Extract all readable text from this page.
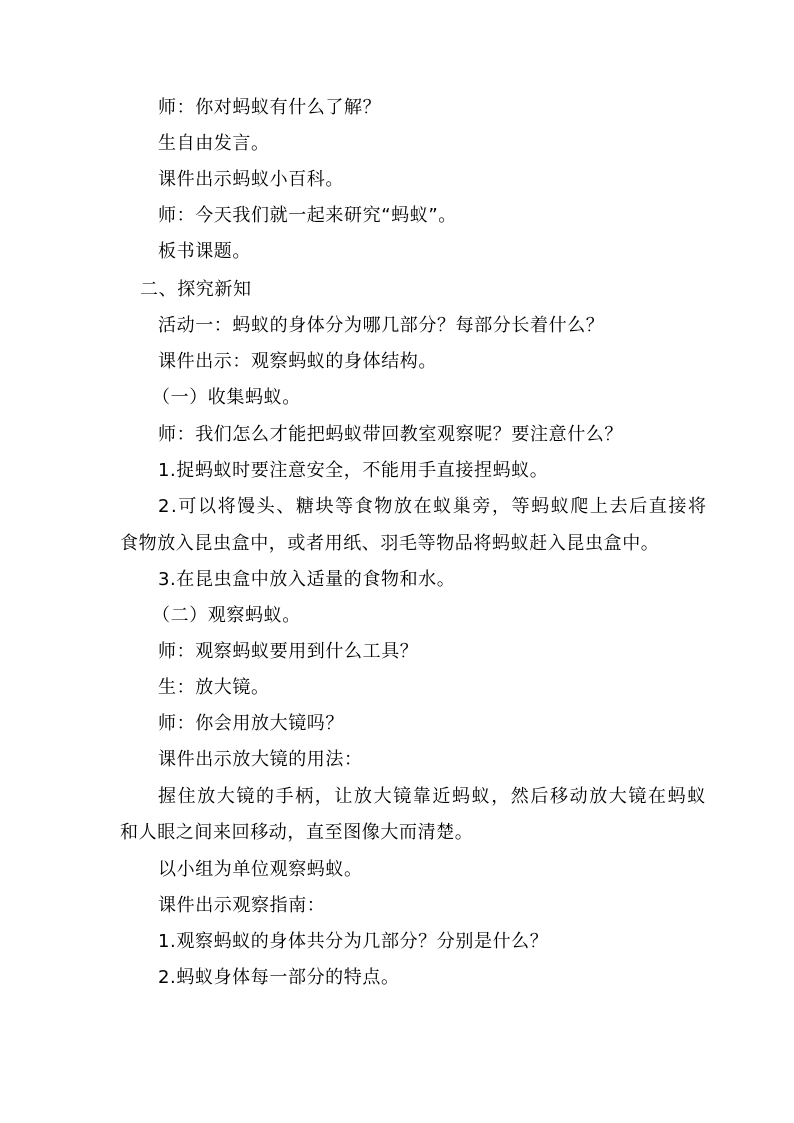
师：你对蚂蚁有什么了解？
生自由发言。
课件出示蚂蚁小百科。
师：今天我们就一起来研究“蚂蚁”。
板书课题。
二、探究新知
活动一：蚂蚁的身体分为哪几部分？每部分长着什么？
课件出示：观察蚂蚁的身体结构。
（一）收集蚂蚁。
师：我们怎么才能把蚂蚁带回教室观察呢？要注意什么？
1.捉蚂蚁时要注意安全，不能用手直接捏蚂蚁。
2.可以将馒头、糖块等食物放在蚁巢旁，等蚂蚁爬上去后直接将
食物放入昆虫盒中，或者用纸、羽毛等物品将蚂蚁赶入昆虫盒中。
3.在昆虫盒中放入适量的食物和水。
（二）观察蚂蚁。
师：观察蚂蚁要用到什么工具？
生：放大镜。
师：你会用放大镜吗？
课件出示放大镜的用法：
握住放大镜的手柄，让放大镜靠近蚂蚁，然后移动放大镜在蚂蚁
和人眼之间来回移动，直至图像大而清楚。
以小组为单位观察蚂蚁。
课件出示观察指南：
1.观察蚂蚁的身体共分为几部分？分别是什么？
2.蚂蚁身体每一部分的特点。
